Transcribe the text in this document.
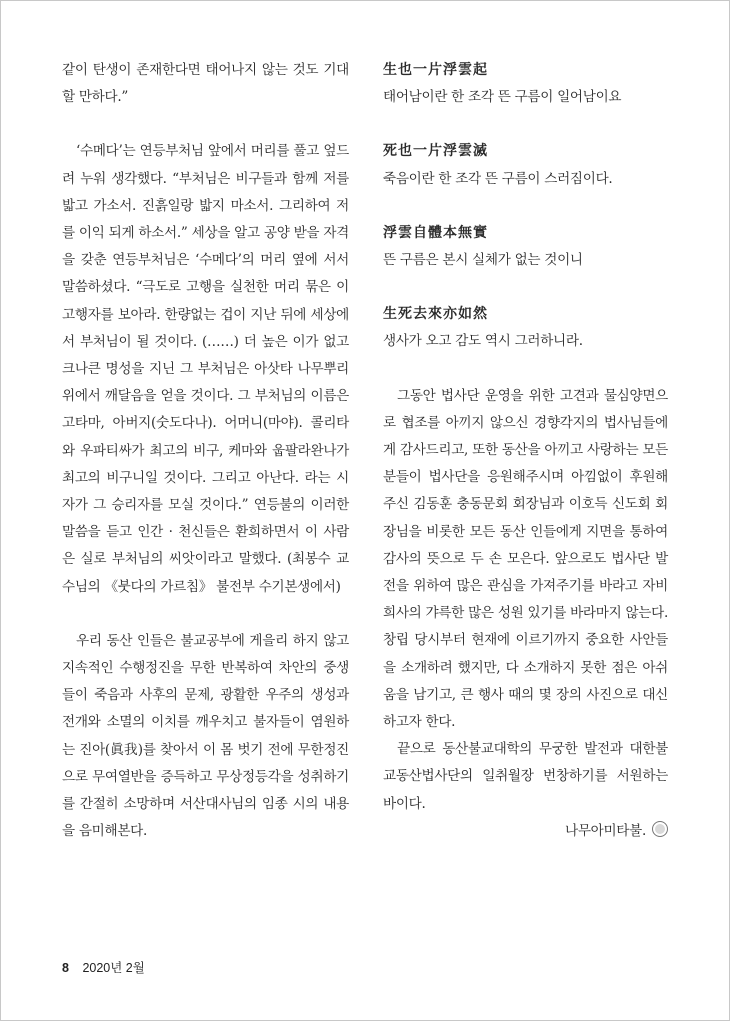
같이 탄생이 존재한다면 태어나지 않는 것도 기대할 만하다.”

‘수메다’는 연등부처님 앞에서 머리를 풀고 엎드려 누워 생각했다. “부처님은 비구들과 함께 저를 밟고 가소서. 진흙일랑 밟지 마소서. 그리하여 저를 이익 되게 하소서.” 세상을 알고 공양 받을 자격을 갖춘 연등부처님은 ‘수메다’의 머리 옆에 서서 말씀하셨다. “극도로 고행을 실천한 머리 묶은 이 고행자를 보아라. 한량없는 겁이 지난 뒤에 세상에서 부처님이 될 것이다. (……) 더 높은 이가 없고 크나큰 명성을 지닌 그 부처님은 아삿타 나무뿌리 위에서 깨달음을 얻을 것이다. 그 부처님의 이름은 고타마, 아버지(숫도다나). 어머니(마야). 콜리타와 우파티싸가 최고의 비구, 케마와 웁팔라완나가 최고의 비구니일 것이다. 그리고 아난다. 라는 시자가 그 승리자를 모실 것이다.” 연등불의 이러한 말씀을 듣고 인간 · 천신들은 환희하면서 이 사람은 실로 부처님의 씨앗이라고 말했다. (최봉수 교수님의 《붓다의 가르침》 불전부 수기본생에서)

우리 동산 인들은 불교공부에 게을리 하지 않고 지속적인 수행정진을 무한 반복하여 차안의 중생들이 죽음과 사후의 문제, 광활한 우주의 생성과 전개와 소멸의 이치를 깨우치고 불자들이 염원하는 진아(眞我)를 찾아서 이 몸 벗기 전에 무한정진으로 무여열반을 증득하고 무상정등각을 성취하기를 간절히 소망하며 서산대사님의 임종 시의 내용을 음미해본다.

生也一片浮雲起

태어남이란 한 조각 뜬 구름이 일어남이요

死也一片浮雲滅

죽음이란 한 조각 뜬 구름이 스러짐이다.

浮雲自體本無實

뜬 구름은 본시 실체가 없는 것이니

生死去來亦如然

생사가 오고 감도 역시 그러하니라.

그동안 법사단 운영을 위한 고견과 물심양면으로 협조를 아끼지 않으신 경향각지의 법사님들에게 감사드리고, 또한 동산을 아끼고 사랑하는 모든 분들이 법사단을 응원해주시며 아낌없이 후원해주신 김동훈 충동문회 회장님과 이호득 신도회 회장님을 비롯한 모든 동산 인들에게 지면을 통하여 감사의 뜻으로 두 손 모은다. 앞으로도 법사단 발전을 위하여 많은 관심을 가져주기를 바라고 자비희사의 갸륵한 많은 성원 있기를 바라마지 않는다. 창립 당시부터 현재에 이르기까지 중요한 사안들을 소개하려 했지만, 다 소개하지 못한 점은 아쉬움을 남기고, 큰 행사 때의 몇 장의 사진으로 대신하고자 한다.

끝으로 동산불교대학의 무궁한 발전과 대한불교동산법사단의 일취월장 번창하기를 서원하는 바이다.

나무아미타불.

8 2020년 2월
